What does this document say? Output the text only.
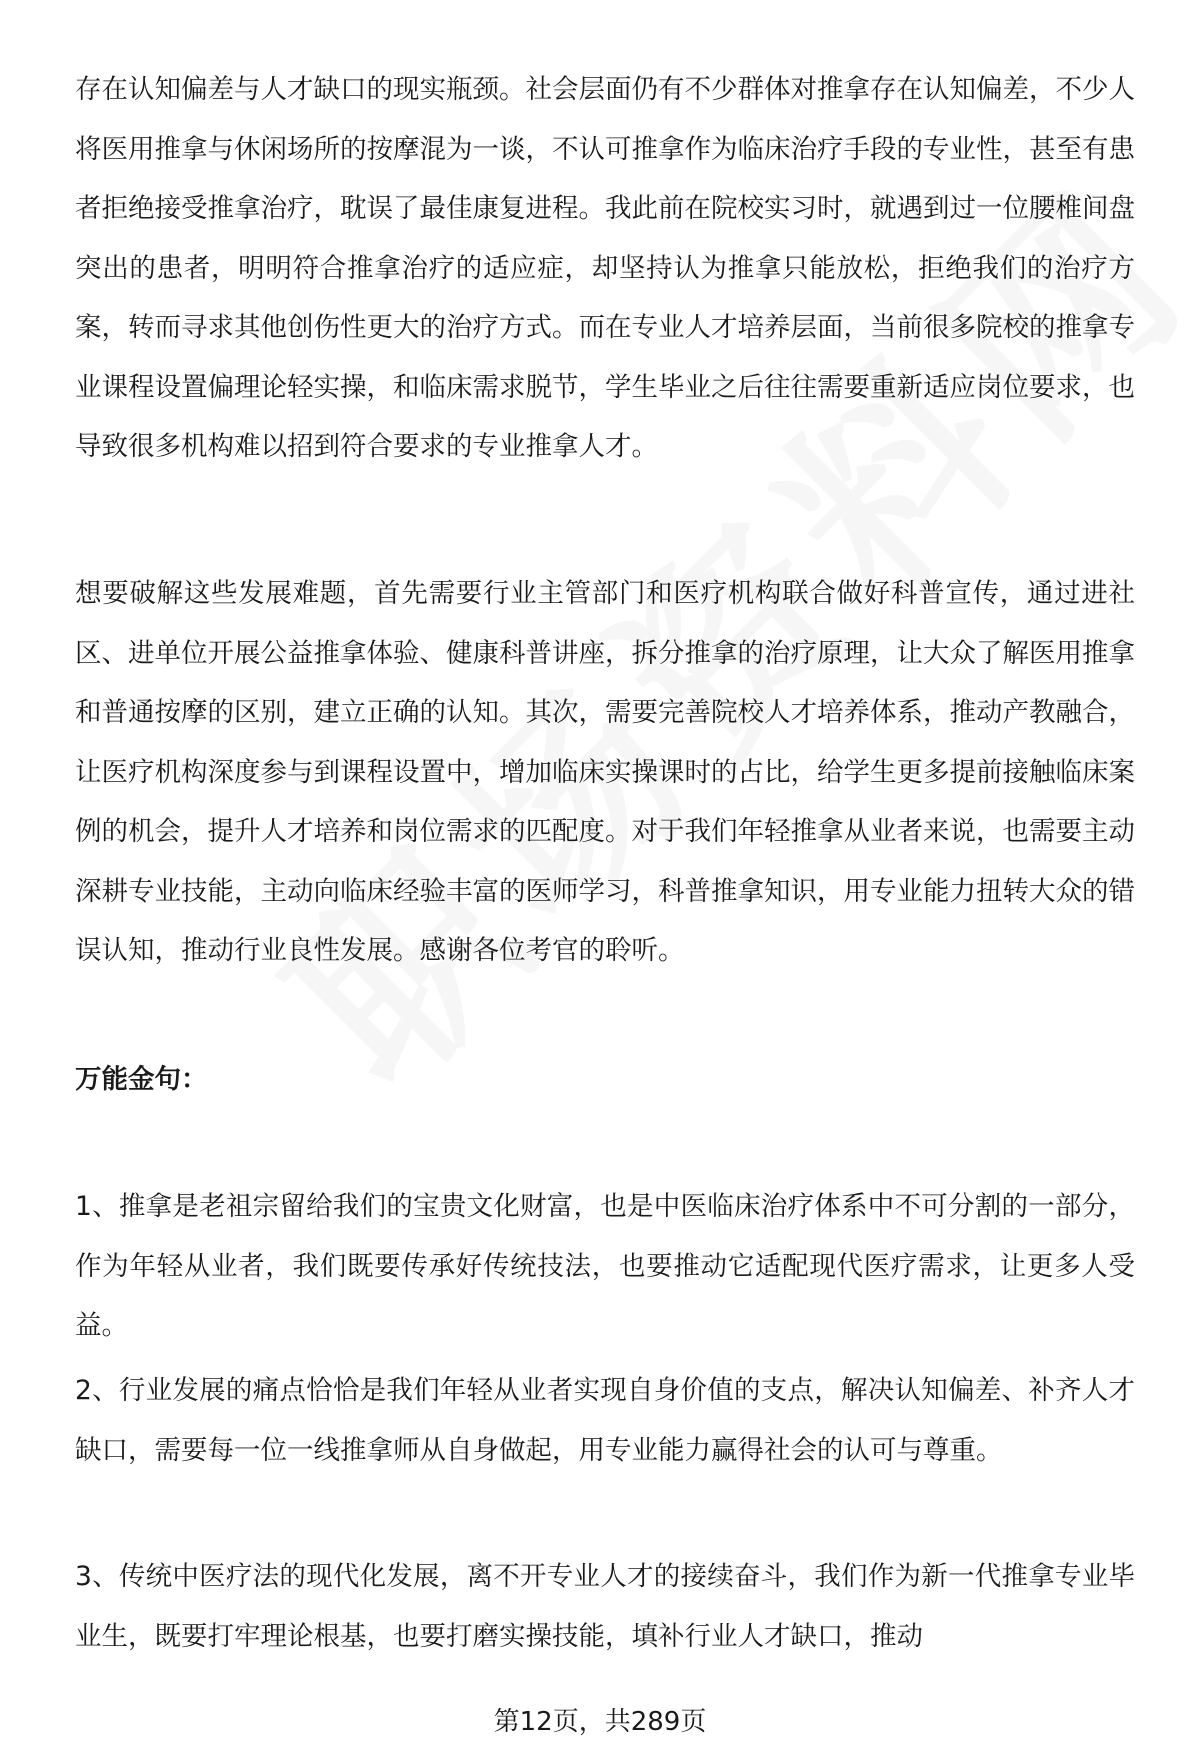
存在认知偏差与人才缺口的现实瓶颈。社会层面仍有不少群体对推拿存在认知偏差，不少人将医用推拿与休闲场所的按摩混为一谈，不认可推拿作为临床治疗手段的专业性，甚至有患者拒绝接受推拿治疗，耽误了最佳康复进程。我此前在院校实习时，就遇到过一位腰椎间盘突出的患者，明明符合推拿治疗的适应症，却坚持认为推拿只能放松，拒绝我们的治疗方案，转而寻求其他创伤性更大的治疗方式。而在专业人才培养层面，当前很多院校的推拿专业课程设置偏理论轻实操，和临床需求脱节，学生毕业之后往往需要重新适应岗位要求，也导致很多机构难以招到符合要求的专业推拿人才。

想要破解这些发展难题，首先需要行业主管部门和医疗机构联合做好科普宣传，通过进社区、进单位开展公益推拿体验、健康科普讲座，拆分推拿的治疗原理，让大众了解医用推拿和普通按摩的区别，建立正确的认知。其次，需要完善院校人才培养体系，推动产教融合，让医疗机构深度参与到课程设置中，增加临床实操课时的占比，给学生更多提前接触临床案例的机会，提升人才培养和岗位需求的匹配度。对于我们年轻推拿从业者来说，也需要主动深耕专业技能，主动向临床经验丰富的医师学习，科普推拿知识，用专业能力扭转大众的错误认知，推动行业良性发展。感谢各位考官的聆听。

万能金句：

1、推拿是老祖宗留给我们的宝贵文化财富，也是中医临床治疗体系中不可分割的一部分，作为年轻从业者，我们既要传承好传统技法，也要推动它适配现代医疗需求，让更多人受益。

2、行业发展的痛点恰恰是我们年轻从业者实现自身价值的支点，解决认知偏差、补齐人才缺口，需要每一位一线推拿师从自身做起，用专业能力赢得社会的认可与尊重。

3、传统中医疗法的现代化发展，离不开专业人才的接续奋斗，我们作为新一代推拿专业毕业生，既要打牢理论根基，也要打磨实操技能，填补行业人才缺口，推动

第12页，共289页
